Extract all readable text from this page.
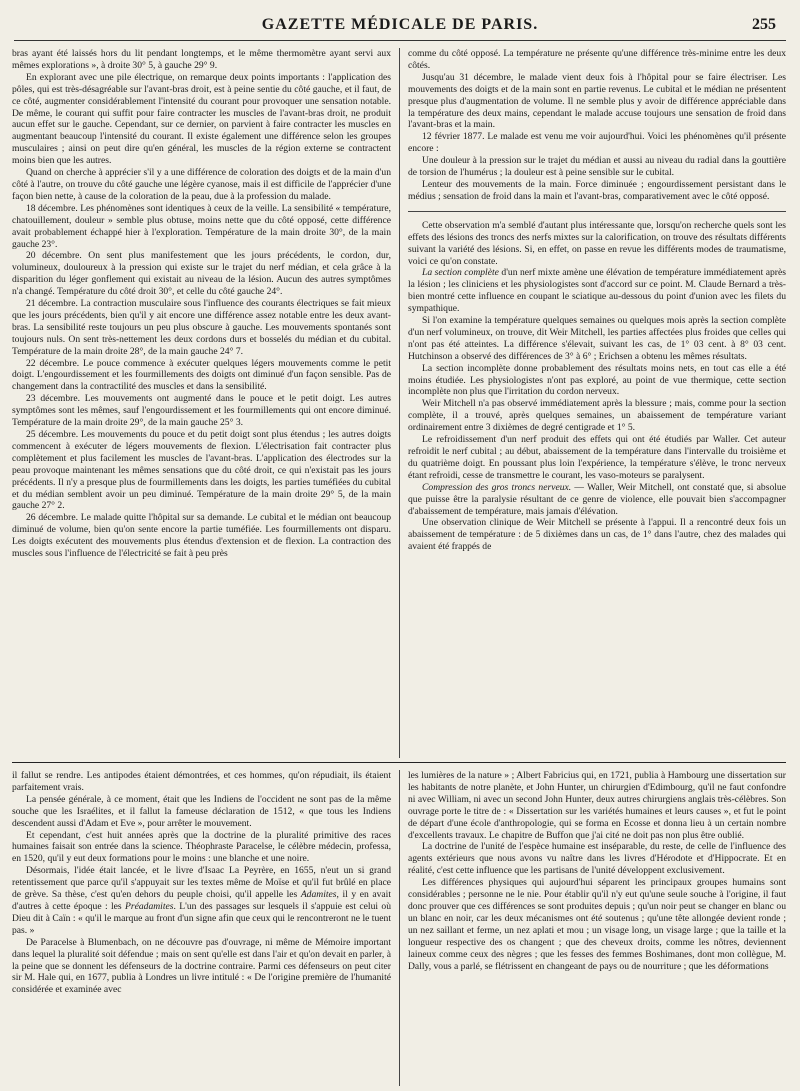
GAZETTE MÉDICALE DE PARIS.	255

bras ayant été laissés hors du lit pendant longtemps, et le même thermomètre ayant servi aux mêmes explorations », à droite 30° 5, à gauche 29° 9.

En explorant avec une pile électrique, on remarque deux points importants : l'application des pôles, qui est très-désagréable sur l'avant-bras droit, est à peine sentie du côté gauche, et il faut, de ce côté, augmenter considérablement l'intensité du courant pour provoquer une sensation notable. De même, le courant qui suffit pour faire contracter les muscles de l'avant-bras droit, ne produit aucun effet sur le gauche. Cependant, sur ce dernier, on parvient à faire contracter les muscles en augmentant beaucoup l'intensité du courant. Il existe également une différence selon les groupes musculaires ; ainsi on peut dire qu'en général, les muscles de la région externe se contractent moins bien que les autres.

Quand on cherche à apprécier s'il y a une différence de coloration des doigts et de la main d'un côté à l'autre, on trouve du côté gauche une légère cyanose, mais il est difficile de l'apprécier d'une façon bien nette, à cause de la coloration de la peau, due à la profession du malade.

18 décembre. Les phénomènes sont identiques à ceux de la veille. La sensibilité « température, chatouillement, douleur » semble plus obtuse, moins nette que du côté opposé, cette différence avait probablement échappé hier à l'exploration. Température de la main droite 30°, de la main gauche 23°.

20 décembre. On sent plus manifestement que les jours précédents, le cordon, dur, volumineux, douloureux à la pression qui existe sur le trajet du nerf médian, et cela grâce à la disparition du léger gonflement qui existait au niveau de la lésion. Aucun des autres symptômes n'a changé. Température du côté droit 30°, et celle du côté gauche 24°.

21 décembre. La contraction musculaire sous l'influence des courants électriques se fait mieux que les jours précédents, bien qu'il y ait encore une différence assez notable entre les deux avant-bras. La sensibilité reste toujours un peu plus obscure à gauche. Les mouvements spontanés sont toujours nuls. On sent très-nettement les deux cordons durs et bosselés du médian et du cubital. Température de la main droite 28°, de la main gauche 24° 7.

22 décembre. Le pouce commence à exécuter quelques légers mouvements comme le petit doigt. L'engourdissement et les fourmillements des doigts ont diminué d'un façon sensible. Pas de changement dans la contractilité des muscles et dans la sensibilité.

23 décembre. Les mouvements ont augmenté dans le pouce et le petit doigt. Les autres symptômes sont les mêmes, sauf l'engourdissement et les fourmillements qui ont encore diminué. Température de la main droite 29°, de la main gauche 25° 3.

25 décembre. Les mouvements du pouce et du petit doigt sont plus étendus ; les autres doigts commencent à exécuter de légers mouvements de flexion. L'électrisation fait contracter plus complètement et plus facilement les muscles de l'avant-bras. L'application des électrodes sur la peau provoque maintenant les mêmes sensations que du côté droit, ce qui n'existait pas les jours précédents. Il n'y a presque plus de fourmillements dans les doigts, les parties tuméfiées du cubital et du médian semblent avoir un peu diminué. Température de la main droite 29° 5, de la main gauche 27° 2.

26 décembre. Le malade quitte l'hôpital sur sa demande. Le cubital et le médian ont beaucoup diminué de volume, bien qu'on sente encore la partie tuméfiée. Les fourmillements ont disparu. Les doigts exécutent des mouvements plus étendus d'extension et de flexion. La contraction des muscles sous l'influence de l'électricité se fait à peu près

comme du côté opposé. La température ne présente qu'une différence très-minime entre les deux côtés.

Jusqu'au 31 décembre, le malade vient deux fois à l'hôpital pour se faire électriser. Les mouvements des doigts et de la main sont en partie revenus. Le cubital et le médian ne présentent presque plus d'augmentation de volume. Il ne semble plus y avoir de différence appréciable dans la température des deux mains, cependant le malade accuse toujours une sensation de froid dans l'avant-bras et la main.

12 février 1877. Le malade est venu me voir aujourd'hui. Voici les phénomènes qu'il présente encore :

Une douleur à la pression sur le trajet du médian et aussi au niveau du radial dans la gouttière de torsion de l'humérus ; la douleur est à peine sensible sur le cubital.

Lenteur des mouvements de la main. Force diminuée ; engourdissement persistant dans le médius ; sensation de froid dans la main et l'avant-bras, comparativement avec le côté opposé.

Cette observation m'a semblé d'autant plus intéressante que, lorsqu'on recherche quels sont les effets des lésions des troncs des nerfs mixtes sur la calorification, on trouve des résultats différents suivant la variété des lésions. Si, en effet, on passe en revue les différents modes de traumatisme, voici ce qu'on constate.

La section complète d'un nerf mixte amène une élévation de température immédiatement après la lésion ; les cliniciens et les physiologistes sont d'accord sur ce point. M. Claude Bernard a très-bien montré cette influence en coupant le sciatique au-dessous du point d'union avec les filets du sympathique.

Si l'on examine la température quelques semaines ou quelques mois après la section complète d'un nerf volumineux, on trouve, dit Weir Mitchell, les parties affectées plus froides que celles qui n'ont pas été atteintes. La différence s'élevait, suivant les cas, de 1° 03 cent. à 8° 03 cent. Hutchinson a observé des différences de 3° à 6° ; Erichsen a obtenu les mêmes résultats.

La section incomplète donne probablement des résultats moins nets, en tout cas elle a été moins étudiée. Les physiologistes n'ont pas exploré, au point de vue thermique, cette section incomplète non plus que l'irritation du cordon nerveux.

Weir Mitchell n'a pas observé immédiatement après la blessure ; mais, comme pour la section complète, il a trouvé, après quelques semaines, un abaissement de température variant ordinairement entre 3 dixièmes de degré centigrade et 1° 5.

Le refroidissement d'un nerf produit des effets qui ont été étudiés par Waller. Cet auteur refroidit le nerf cubital ; au début, abaissement de la température dans l'intervalle du troisième et du quatrième doigt. En poussant plus loin l'expérience, la température s'élève, le tronc nerveux étant refroidi, cesse de transmettre le courant, les vaso-moteurs se paralysent.

Compression des gros troncs nerveux. — Waller, Weir Mitchell, ont constaté que, si absolue que puisse être la paralysie résultant de ce genre de violence, elle pouvait bien s'accompagner d'abaissement de température, mais jamais d'élévation.

Une observation clinique de Weir Mitchell se présente à l'appui. Il a rencontré deux fois un abaissement de température : de 5 dixièmes dans un cas, de 1° dans l'autre, chez des malades qui avaient été frappés de

il fallut se rendre. Les antipodes étaient démontrées, et ces hommes, qu'on répudiait, ils étaient parfaitement vrais.

La pensée générale, à ce moment, était que les Indiens de l'occident ne sont pas de la même souche que les Israélites, et il fallut la fameuse déclaration de 1512, « que tous les Indiens descendent aussi d'Adam et Eve », pour arrêter le mouvement.

Et cependant, c'est huit années après que la doctrine de la pluralité primitive des races humaines faisait son entrée dans la science. Théophraste Paracelse, le célèbre médecin, professa, en 1520, qu'il y eut deux formations pour le moins : une blanche et une noire.

Désormais, l'idée était lancée, et le livre d'Isaac La Peyrère, en 1655, n'eut un si grand retentissement que parce qu'il s'appuyait sur les textes même de Moïse et qu'il fut brûlé en place de grève. Sa thèse, c'est qu'en dehors du peuple choisi, qu'il appelle les Adamites, il y en avait d'autres à cette époque : les Préadamites. L'un des passages sur lesquels il s'appuie est celui où Dieu dit à Caïn : « qu'il le marque au front d'un signe afin que ceux qui le rencontreront ne le tuent pas. »

De Paracelse à Blumenbach, on ne découvre pas d'ouvrage, ni même de Mémoire important dans lequel la pluralité soit défendue ; mais on sent qu'elle est dans l'air et qu'on devait en parler, à la peine que se donnent les défenseurs de la doctrine contraire. Parmi ces défenseurs on peut citer sir M. Hale qui, en 1677, publia à Londres un livre intitulé : « De l'origine première de l'humanité considérée et examinée avec

les lumières de la nature » ; Albert Fabricius qui, en 1721, publia à Hambourg une dissertation sur les habitants de notre planète, et John Hunter, un chirurgien d'Edimbourg, qu'il ne faut confondre ni avec William, ni avec un second John Hunter, deux autres chirurgiens anglais très-célèbres. Son ouvrage porte le titre de : « Dissertation sur les variétés humaines et leurs causes », et fut le point de départ d'une école d'anthropologie, qui se forma en Ecosse et donna lieu à un certain nombre d'excellents travaux. Le chapitre de Buffon que j'ai cité ne doit pas non plus être oublié.

La doctrine de l'unité de l'espèce humaine est inséparable, du reste, de celle de l'influence des agents extérieurs que nous avons vu naître dans les livres d'Hérodote et d'Hippocrate. Et en réalité, c'est cette influence que les partisans de l'unité développent exclusivement.

Les différences physiques qui aujourd'hui séparent les principaux groupes humains sont considérables ; personne ne le nie. Pour établir qu'il n'y eut qu'une seule souche à l'origine, il faut donc prouver que ces différences se sont produites depuis ; qu'un noir peut se changer en blanc ou un blanc en noir, car les deux mécanismes ont été soutenus ; qu'une tête allongée devient ronde ; un nez saillant et ferme, un nez aplati et mou ; un visage long, un visage large ; que la taille et la longueur respective des os changent ; que des cheveux droits, comme les nôtres, deviennent laineux comme ceux des nègres ; que les fesses des femmes Boshimanes, dont mon collègue, M. Dally, vous a parlé, se flétrissent en changeant de pays ou de nourriture ; que les déformations
